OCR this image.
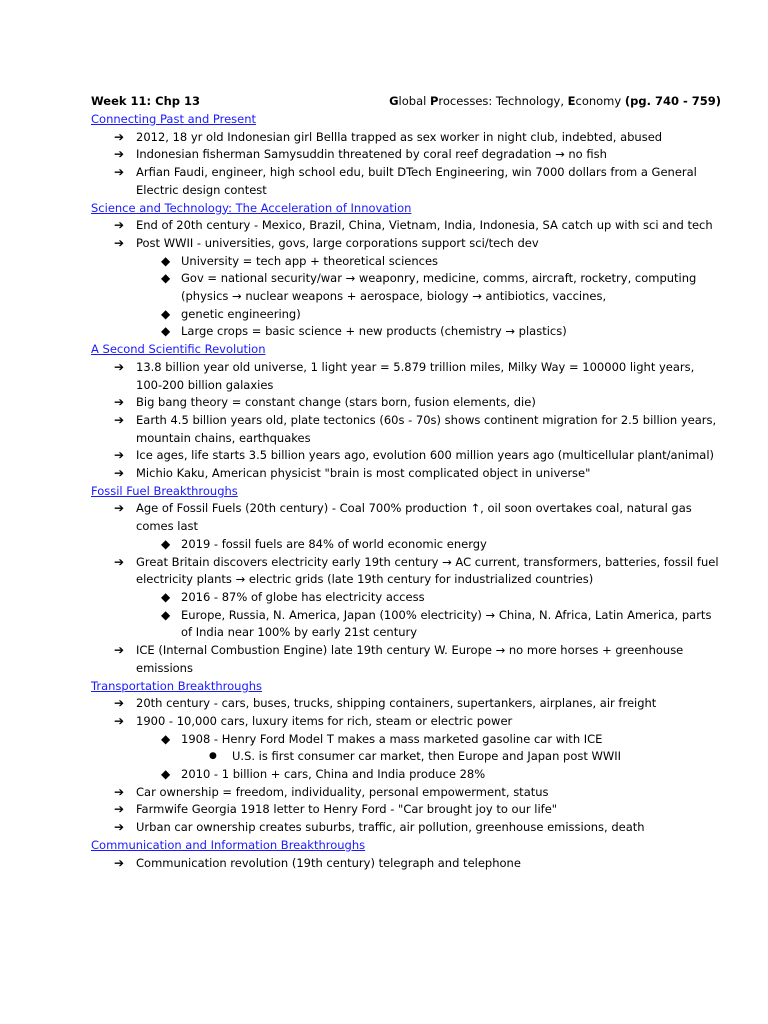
Week 11: Chp 13	Global Processes: Technology, Economy (pg. 740 - 759)
Connecting Past and Present
➔ 2012, 18 yr old Indonesian girl Bellla trapped as sex worker in night club, indebted, abused
➔ Indonesian fisherman Samysuddin threatened by coral reef degradation → no fish
➔ Arfian Faudi, engineer, high school edu, built DTech Engineering, win 7000 dollars from a General Electric design contest
Science and Technology: The Acceleration of Innovation
➔ End of 20th century - Mexico, Brazil, China, Vietnam, India, Indonesia, SA catch up with sci and tech
➔ Post WWII - universities, govs, large corporations support sci/tech dev
◆ University = tech app + theoretical sciences
◆ Gov = national security/war → weaponry, medicine, comms, aircraft, rocketry, computing (physics → nuclear weapons + aerospace, biology → antibiotics, vaccines,
◆ genetic engineering)
◆ Large crops = basic science + new products (chemistry → plastics)
A Second Scientific Revolution
➔ 13.8 billion year old universe, 1 light year = 5.879 trillion miles, Milky Way = 100000 light years, 100-200 billion galaxies
➔ Big bang theory = constant change (stars born, fusion elements, die)
➔ Earth 4.5 billion years old, plate tectonics (60s - 70s) shows continent migration for 2.5 billion years, mountain chains, earthquakes
➔ Ice ages, life starts 3.5 billion years ago, evolution 600 million years ago (multicellular plant/animal)
➔ Michio Kaku, American physicist "brain is most complicated object in universe"
Fossil Fuel Breakthroughs
➔ Age of Fossil Fuels (20th century) - Coal 700% production ↑, oil soon overtakes coal, natural gas comes last
◆ 2019 - fossil fuels are 84% of world economic energy
➔ Great Britain discovers electricity early 19th century → AC current, transformers, batteries, fossil fuel electricity plants → electric grids (late 19th century for industrialized countries)
◆ 2016 - 87% of globe has electricity access
◆ Europe, Russia, N. America, Japan (100% electricity) → China, N. Africa, Latin America, parts of India near 100% by early 21st century
➔ ICE (Internal Combustion Engine) late 19th century W. Europe → no more horses + greenhouse emissions
Transportation Breakthroughs
➔ 20th century - cars, buses, trucks, shipping containers, supertankers, airplanes, air freight
➔ 1900 - 10,000 cars, luxury items for rich, steam or electric power
◆ 1908 - Henry Ford Model T makes a mass marketed gasoline car with ICE
● U.S. is first consumer car market, then Europe and Japan post WWII
◆ 2010 - 1 billion + cars, China and India produce 28%
➔ Car ownership = freedom, individuality, personal empowerment, status
➔ Farmwife Georgia 1918 letter to Henry Ford - "Car brought joy to our life"
➔ Urban car ownership creates suburbs, traffic, air pollution, greenhouse emissions, death
Communication and Information Breakthroughs
➔ Communication revolution (19th century) telegraph and telephone
